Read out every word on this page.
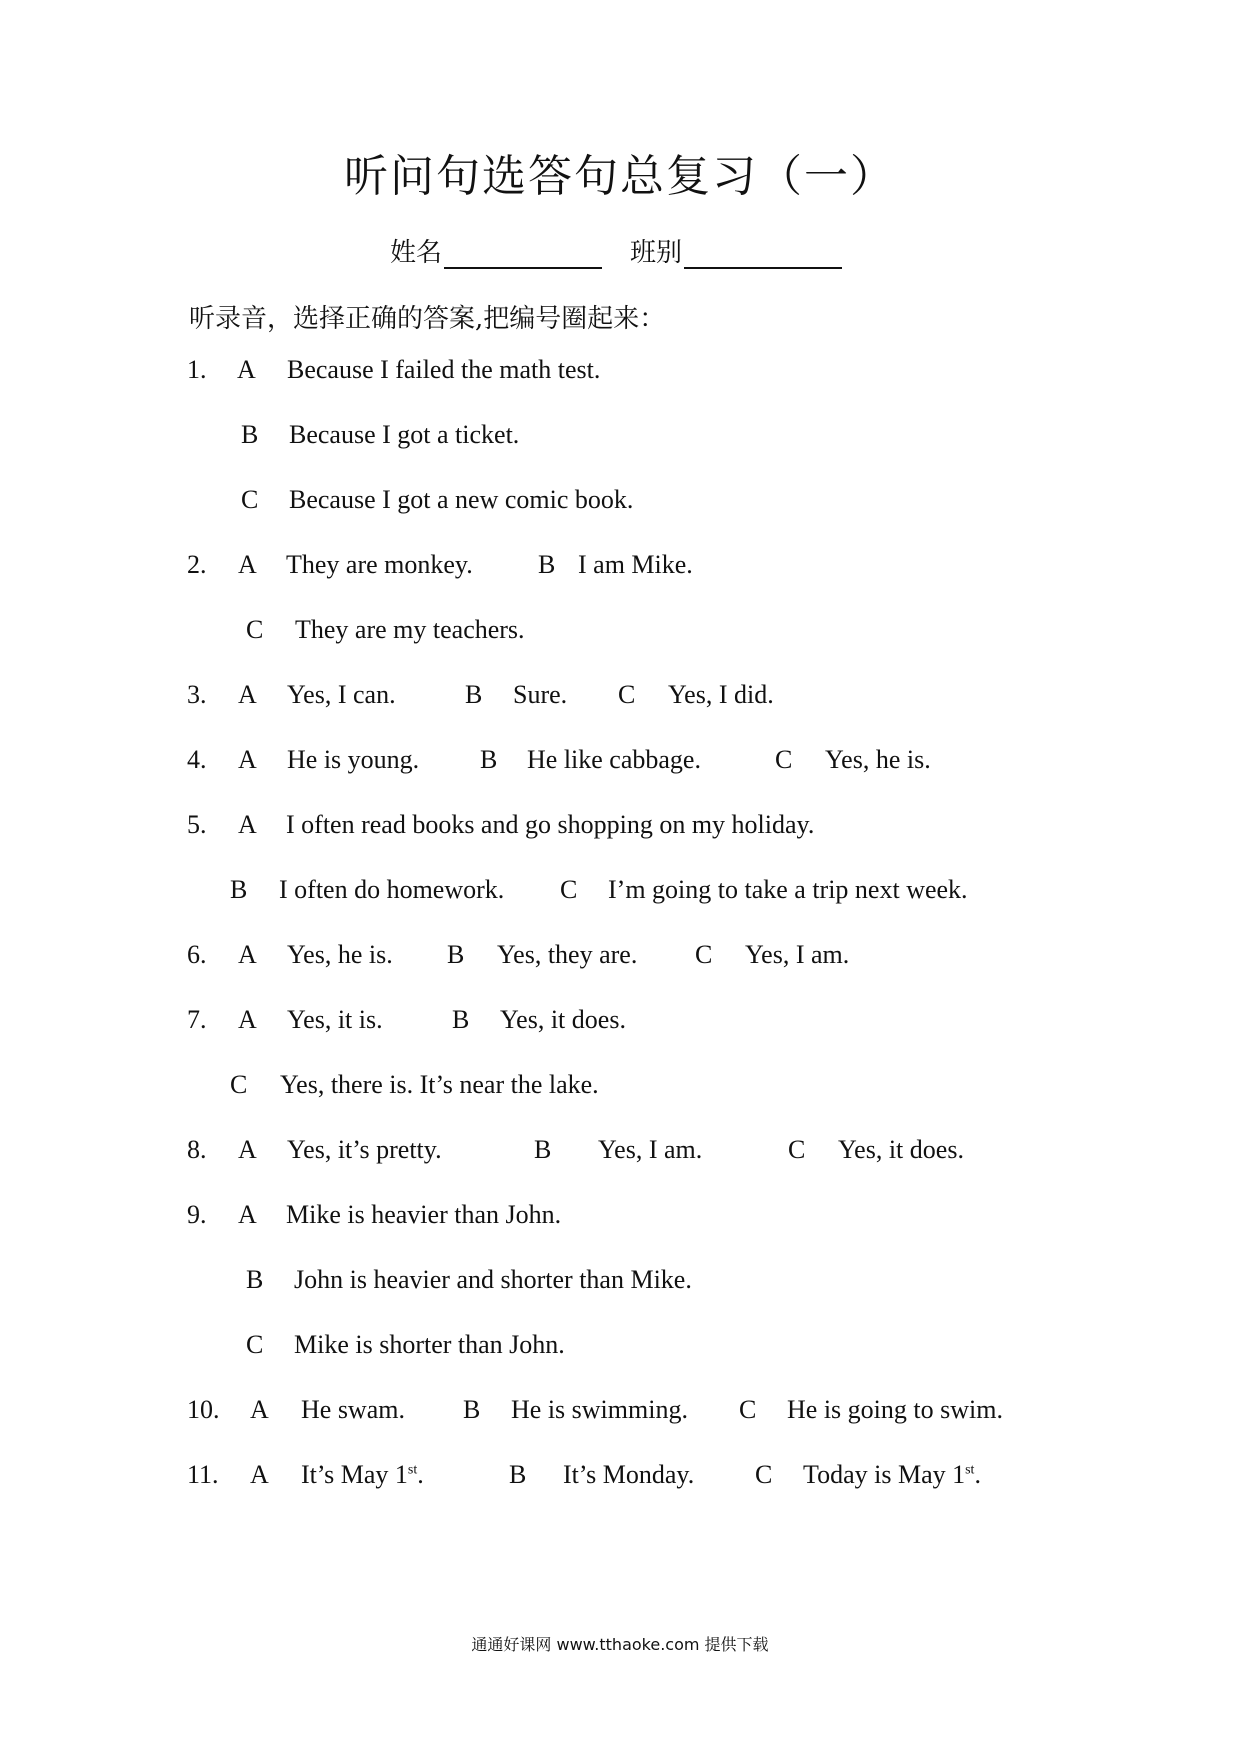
听问句选答句总复习（一）
姓名	班别
听录音，选择正确的答案,把编号圈起来：
1. A Because I failed the math test.
B Because I got a ticket.
C Because I got a new comic book.
2. A They are monkey.	B I am Mike.
C They are my teachers.
3. A Yes, I can.	B Sure. C Yes, I did.
4. A He is young. B He like cabbage.	C Yes, he is.
5. A I often read books and go shopping on my holiday.
B I often do homework. C I’m going to take a trip next week.
6. A Yes, he is. B Yes, they are. C Yes, I am.
7. A Yes, it is.	B Yes, it does.
C Yes, there is. It’s near the lake.
8. A Yes, it’s pretty.	B Yes, I am.	C Yes, it does.
9. A Mike is heavier than John.
B John is heavier and shorter than Mike.
C Mike is shorter than John.
10. A He swam. B He is swimming. C He is going to swim.
11. A It’s May 1st.	B It’s Monday. C Today is May 1st.
通通好课网 www.tthaoke.com 提供下载
